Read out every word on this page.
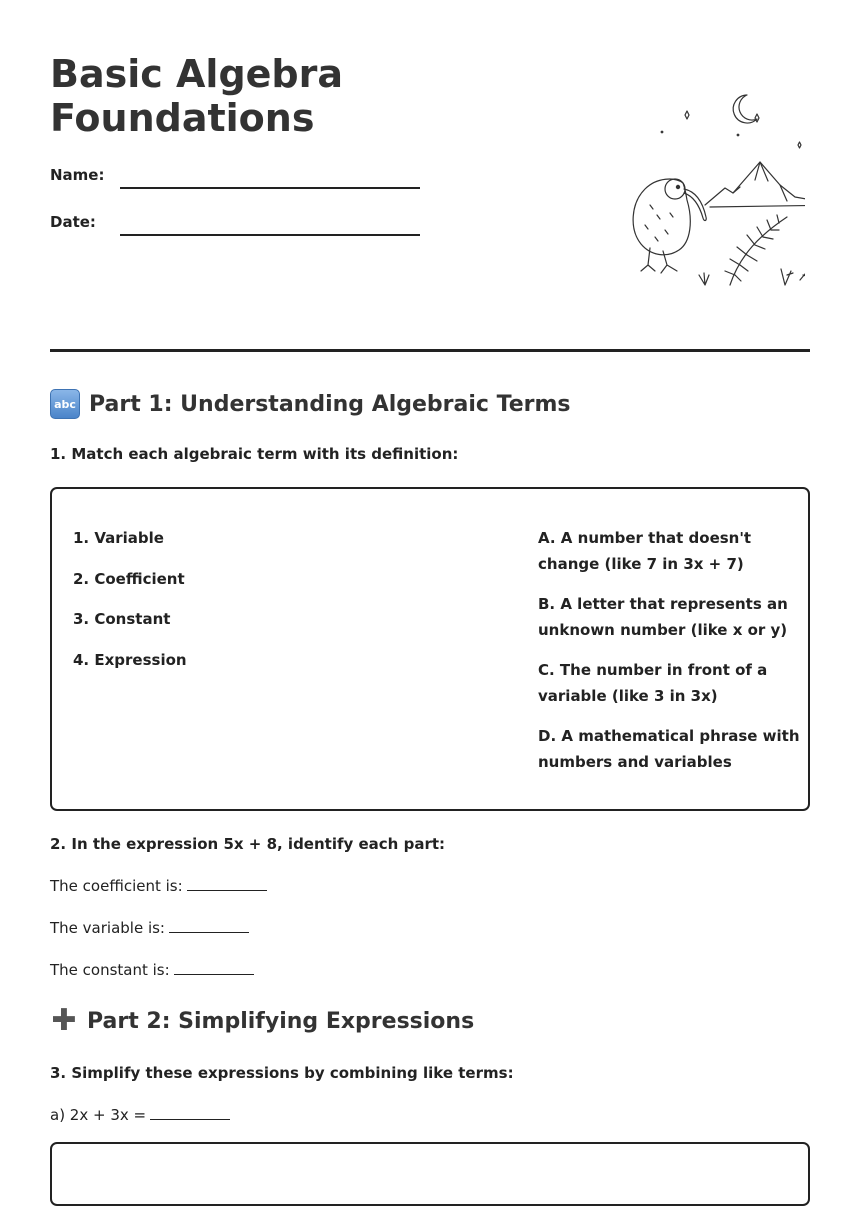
Basic Algebra Foundations
Name:
Date:
abc Part 1: Understanding Algebraic Terms
1. Match each algebraic term with its definition:
1. Variable
2. Coefficient
3. Constant
4. Expression
A. A number that doesn't change (like 7 in 3x + 7)
B. A letter that represents an unknown number (like x or y)
C. The number in front of a variable (like 3 in 3x)
D. A mathematical phrase with numbers and variables
2. In the expression 5x + 8, identify each part:
The coefficient is:
The variable is:
The constant is:
✚ Part 2: Simplifying Expressions
3. Simplify these expressions by combining like terms:
a) 2x + 3x =
